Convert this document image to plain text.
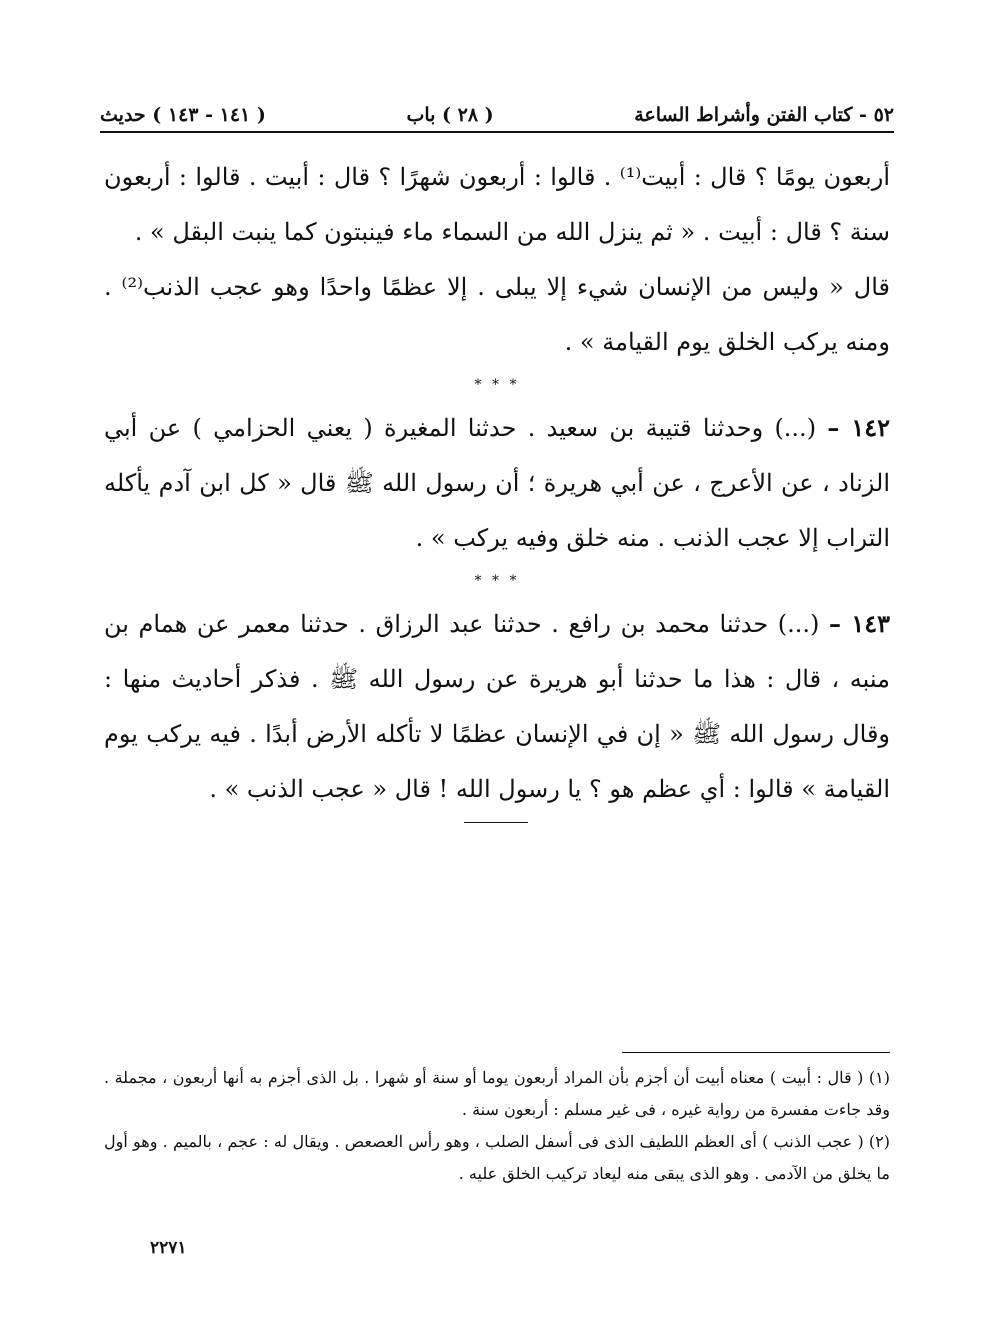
٥٢ - كتاب الفتن وأشراط الساعة
( ٢٨ ) باب
( ١٤١ - ١٤٣ ) حديث

أربعون يومًا ؟ قال : أبيت⁽¹⁾ . قالوا : أربعون شهرًا ؟ قال : أبيت . قالوا : أربعون سنة ؟ قال : أبيت . « ثم ينزل الله من السماء ماء فينبتون كما ينبت البقل » .

قال « وليس من الإنسان شيء إلا يبلى . إلا عظمًا واحدًا وهو عجب الذنب⁽²⁾ . ومنه يركب الخلق يوم القيامة » .

* * *

١٤٢ – (...) وحدثنا قتيبة بن سعيد . حدثنا المغيرة ( يعني الحزامي ) عن أبي الزناد ، عن الأعرج ، عن أبي هريرة ؛ أن رسول الله ﷺ قال « كل ابن آدم يأكله التراب إلا عجب الذنب . منه خلق وفيه يركب » .

* * *

١٤٣ – (...) حدثنا محمد بن رافع . حدثنا عبد الرزاق . حدثنا معمر عن همام بن منبه ، قال : هذا ما حدثنا أبو هريرة عن رسول الله ﷺ . فذكر أحاديث منها : وقال رسول الله ﷺ « إن في الإنسان عظمًا لا تأكله الأرض أبدًا . فيه يركب يوم القيامة » قالوا : أي عظم هو ؟ يا رسول الله ! قال « عجب الذنب » .

(١) ( قال : أبيت ) معناه أبيت أن أجزم بأن المراد أربعون يوما أو سنة أو شهرا . بل الذى أجزم به أنها أربعون ، مجملة . وقد جاءت مفسرة من رواية غيره ، فى غير مسلم : أربعون سنة .

(٢) ( عجب الذنب ) أى العظم اللطيف الذى فى أسفل الصلب ، وهو رأس العصعص . ويقال له : عجم ، بالميم . وهو أول ما يخلق من الآدمى . وهو الذى يبقى منه ليعاد تركيب الخلق عليه .

٢٢٧١
